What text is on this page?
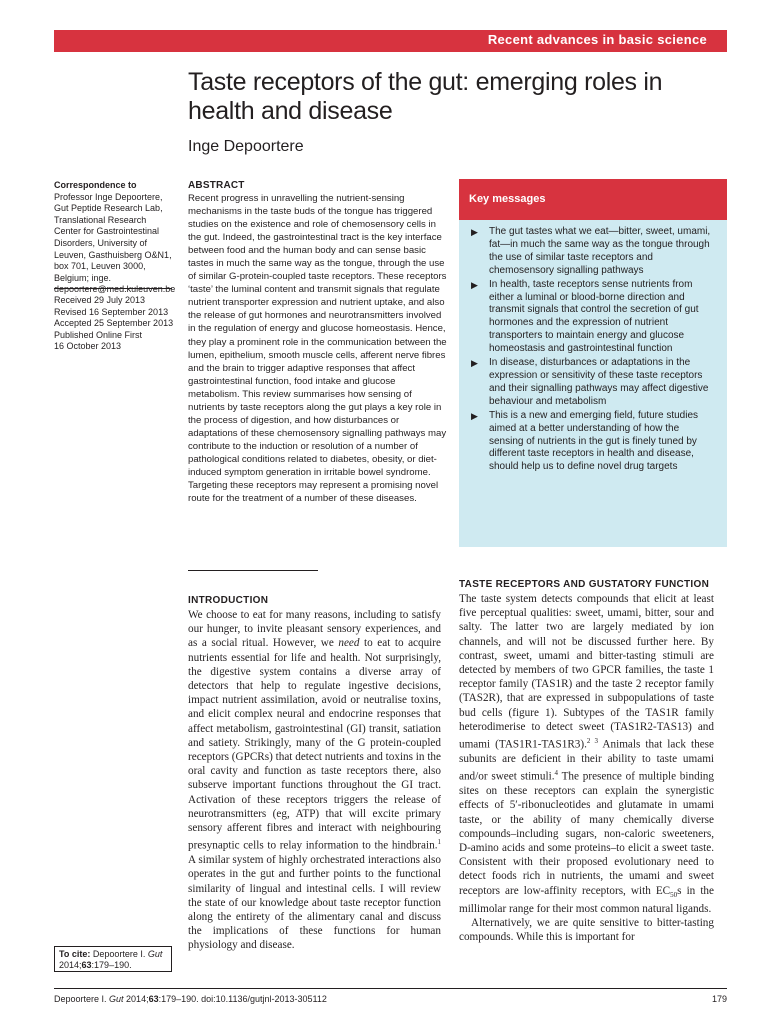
Recent advances in basic science
Taste receptors of the gut: emerging roles in health and disease
Inge Depoortere
Correspondence to
Professor Inge Depoortere, Gut Peptide Research Lab, Translational Research Center for Gastrointestinal Disorders, University of Leuven, Gasthuisberg O&N1, box 701, Leuven 3000, Belgium; inge. depoortere@med.kuleuven.be
Received 29 July 2013
Revised 16 September 2013
Accepted 25 September 2013
Published Online First
16 October 2013
ABSTRACT
Recent progress in unravelling the nutrient-sensing mechanisms in the taste buds of the tongue has triggered studies on the existence and role of chemosensory cells in the gut. Indeed, the gastrointestinal tract is the key interface between food and the human body and can sense basic tastes in much the same way as the tongue, through the use of similar G-protein-coupled taste receptors. These receptors ‘taste’ the luminal content and transmit signals that regulate nutrient transporter expression and nutrient uptake, and also the release of gut hormones and neurotransmitters involved in the regulation of energy and glucose homeostasis. Hence, they play a prominent role in the communication between the lumen, epithelium, smooth muscle cells, afferent nerve fibres and the brain to trigger adaptive responses that affect gastrointestinal function, food intake and glucose metabolism. This review summarises how sensing of nutrients by taste receptors along the gut plays a key role in the process of digestion, and how disturbances or adaptations of these chemosensory signalling pathways may contribute to the induction or resolution of a number of pathological conditions related to diabetes, obesity, or diet-induced symptom generation in irritable bowel syndrome. Targeting these receptors may represent a promising novel route for the treatment of a number of these diseases.
Key messages
▶ The gut tastes what we eat—bitter, sweet, umami, fat—in much the same way as the tongue through the use of similar taste receptors and chemosensory signalling pathways
▶ In health, taste receptors sense nutrients from either a luminal or blood-borne direction and transmit signals that control the secretion of gut hormones and the expression of nutrient transporters to maintain energy and glucose homeostasis and gastrointestinal function
▶ In disease, disturbances or adaptations in the expression or sensitivity of these taste receptors and their signalling pathways may affect digestive behaviour and metabolism
▶ This is a new and emerging field, future studies aimed at a better understanding of how the sensing of nutrients in the gut is finely tuned by different taste receptors in health and disease, should help us to define novel drug targets
INTRODUCTION

We choose to eat for many reasons, including to satisfy our hunger, to invite pleasant sensory experiences, and as a social ritual. However, we need to eat to acquire nutrients essential for life and health. Not surprisingly, the digestive system contains a diverse array of detectors that help to regulate ingestive decisions, impact nutrient assimilation, avoid or neutralise toxins, and elicit complex neural and endocrine responses that affect metabolism, gastrointestinal (GI) transit, satiation and satiety. Strikingly, many of the G protein-coupled receptors (GPCRs) that detect nutrients and toxins in the oral cavity and function as taste receptors there, also subserve important functions throughout the GI tract. Activation of these receptors triggers the release of neurotransmitters (eg, ATP) that will excite primary sensory afferent fibres and interact with neighbouring presynaptic cells to relay information to the hindbrain.$^1$ A similar system of highly orchestrated interactions also operates in the gut and further points to the functional similarity of lingual and intestinal cells. I will review the state of our knowledge about taste receptor function along the entirety of the alimentary canal and discuss the implications of these functions for human physiology and disease.

TASTE RECEPTORS AND GUSTATORY FUNCTION

The taste system detects compounds that elicit at least five perceptual qualities: sweet, umami, bitter, sour and salty. The latter two are largely mediated by ion channels, and will not be discussed further here. By contrast, sweet, umami and bitter-tasting stimuli are detected by members of two GPCR families, the taste 1 receptor family (TAS1R) and the taste 2 receptor family (TAS2R), that are expressed in subpopulations of taste bud cells (figure 1). Subtypes of the TAS1R family heterodimerise to detect sweet (TAS1R2-TAS13) and umami (TAS1R1-TAS1R3).$^{2 3}$ Animals that lack these subunits are deficient in their ability to taste umami and/or sweet stimuli.$^4$ The presence of multiple binding sites on these receptors can explain the synergistic effects of 5′-ribonucleotides and glutamate in umami taste, or the ability of many chemically diverse compounds–including sugars, non-caloric sweeteners, D-amino acids and some proteins–to elicit a sweet taste. Consistent with their proposed evolutionary need to detect foods rich in nutrients, the umami and sweet receptors are low-affinity receptors, with $EC_{50}s$ in the millimolar range for their most common natural ligands.

Alternatively, we are quite sensitive to bitter-tasting compounds. While this is important for

To cite: Depoortere I. Gut 2014;63:179–190.
Depoortere I. Gut 2014;63:179–190. doi:10.1136/gutjnl-2013-305112	179
